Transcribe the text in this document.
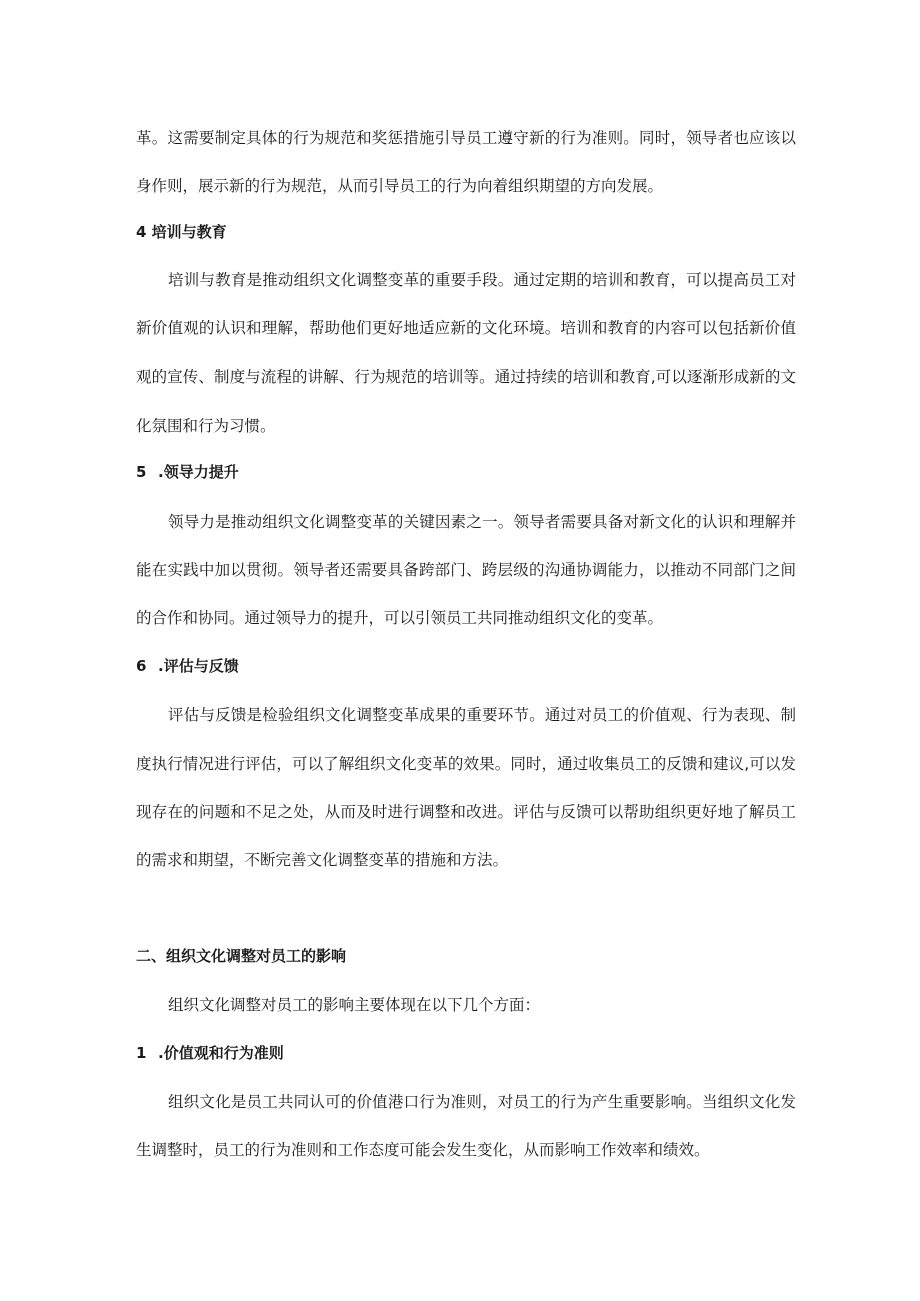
革。这需要制定具体的行为规范和奖惩措施引导员工遵守新的行为准则。同时，领导者也应该以
身作则，展示新的行为规范，从而引导员工的行为向着组织期望的方向发展。
4 培训与教育
培训与教育是推动组织文化调整变革的重要手段。通过定期的培训和教育，可以提高员工对
新价值观的认识和理解，帮助他们更好地适应新的文化环境。培训和教育的内容可以包括新价值
观的宣传、制度与流程的讲解、行为规范的培训等。通过持续的培训和教育,可以逐渐形成新的文
化氛围和行为习惯。
5 .领导力提升
领导力是推动组织文化调整变革的关键因素之一。领导者需要具备对新文化的认识和理解并
能在实践中加以贯彻。领导者还需要具备跨部门、跨层级的沟通协调能力，以推动不同部门之间
的合作和协同。通过领导力的提升，可以引领员工共同推动组织文化的变革。
6 .评估与反馈
评估与反馈是检验组织文化调整变革成果的重要环节。通过对员工的价值观、行为表现、制
度执行情况进行评估，可以了解组织文化变革的效果。同时，通过收集员工的反馈和建议,可以发
现存在的问题和不足之处，从而及时进行调整和改进。评估与反馈可以帮助组织更好地了解员工
的需求和期望，不断完善文化调整变革的措施和方法。
二、组织文化调整对员工的影响
组织文化调整对员工的影响主要体现在以下几个方面：
1 .价值观和行为准则
组织文化是员工共同认可的价值港口行为准则，对员工的行为产生重要影响。当组织文化发
生调整时，员工的行为准则和工作态度可能会发生变化，从而影响工作效率和绩效。
